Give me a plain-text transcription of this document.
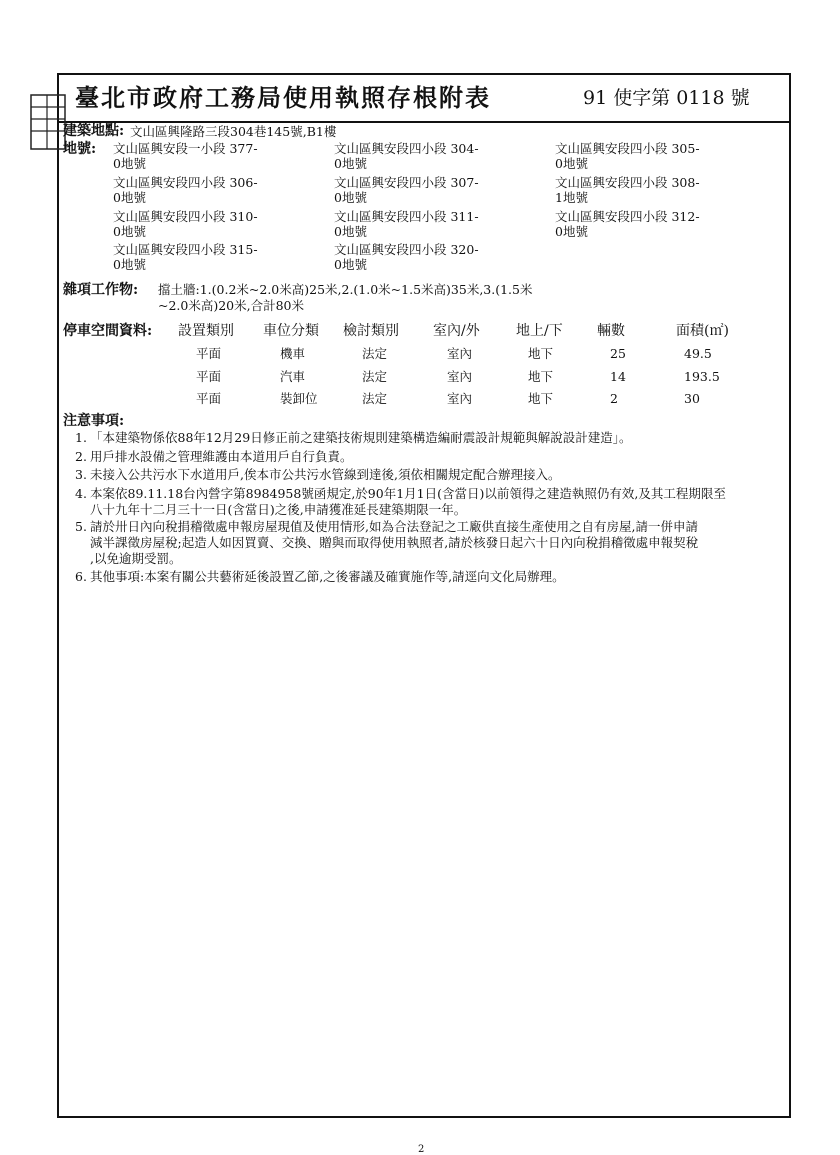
臺北市政府工務局使用執照存根附表	91 使字第 0118 號
建築地點: 文山區興隆路三段304巷145號,B1樓
地號: 文山區興安段一小段 377-
0地號
文山區興安段四小段 304-
0地號
文山區興安段四小段 305-
0地號
文山區興安段四小段 306-
0地號
文山區興安段四小段 307-
0地號
文山區興安段四小段 308-
1地號
文山區興安段四小段 310-
0地號
文山區興安段四小段 311-
0地號
文山區興安段四小段 312-
0地號
文山區興安段四小段 315-
0地號
文山區興安段四小段 320-
0地號
雜項工作物: 擋土牆:1.(0.2米~2.0米高)25米,2.(1.0米~1.5米高)35米,3.(1.5米
~2.0米高)20米,合計80米
停車空間資料: 設置類別 車位分類 檢討類別 室內/外	地上/下 輛數	面積(㎡)
平面	機車	法定	室內	地下	25	49.5
平面	汽車	法定	室內	地下	14	193.5
平面	裝卸位	法定	室內	地下	2	30
注意事項:
1. 「本建築物係依88年12月29日修正前之建築技術規則建築構造編耐震設計規範與解說設計建造」。
2. 用戶排水設備之管理維護由本道用戶自行負責。
3. 未接入公共污水下水道用戶,俟本市公共污水管線到達後,須依相關規定配合辦理接入。
4. 本案依89.11.18台內營字第8984958號函規定,於90年1月1日(含當日)以前領得之建造執照仍有效,及其工程期限至
八十九年十二月三十一日(含當日)之後,申請獲准延長建築期限一年。
5. 請於卅日內向稅捐稽徵處申報房屋現值及使用情形,如為合法登記之工廠供直接生產使用之自有房屋,請一併申請
減半課徵房屋稅;起造人如因買賣、交換、贈與而取得使用執照者,請於核發日起六十日內向稅捐稽徵處申報契稅
,以免逾期受罰。
6. 其他事項:本案有關公共藝術延後設置乙節,之後審議及確實施作等,請逕向文化局辦理。
2
